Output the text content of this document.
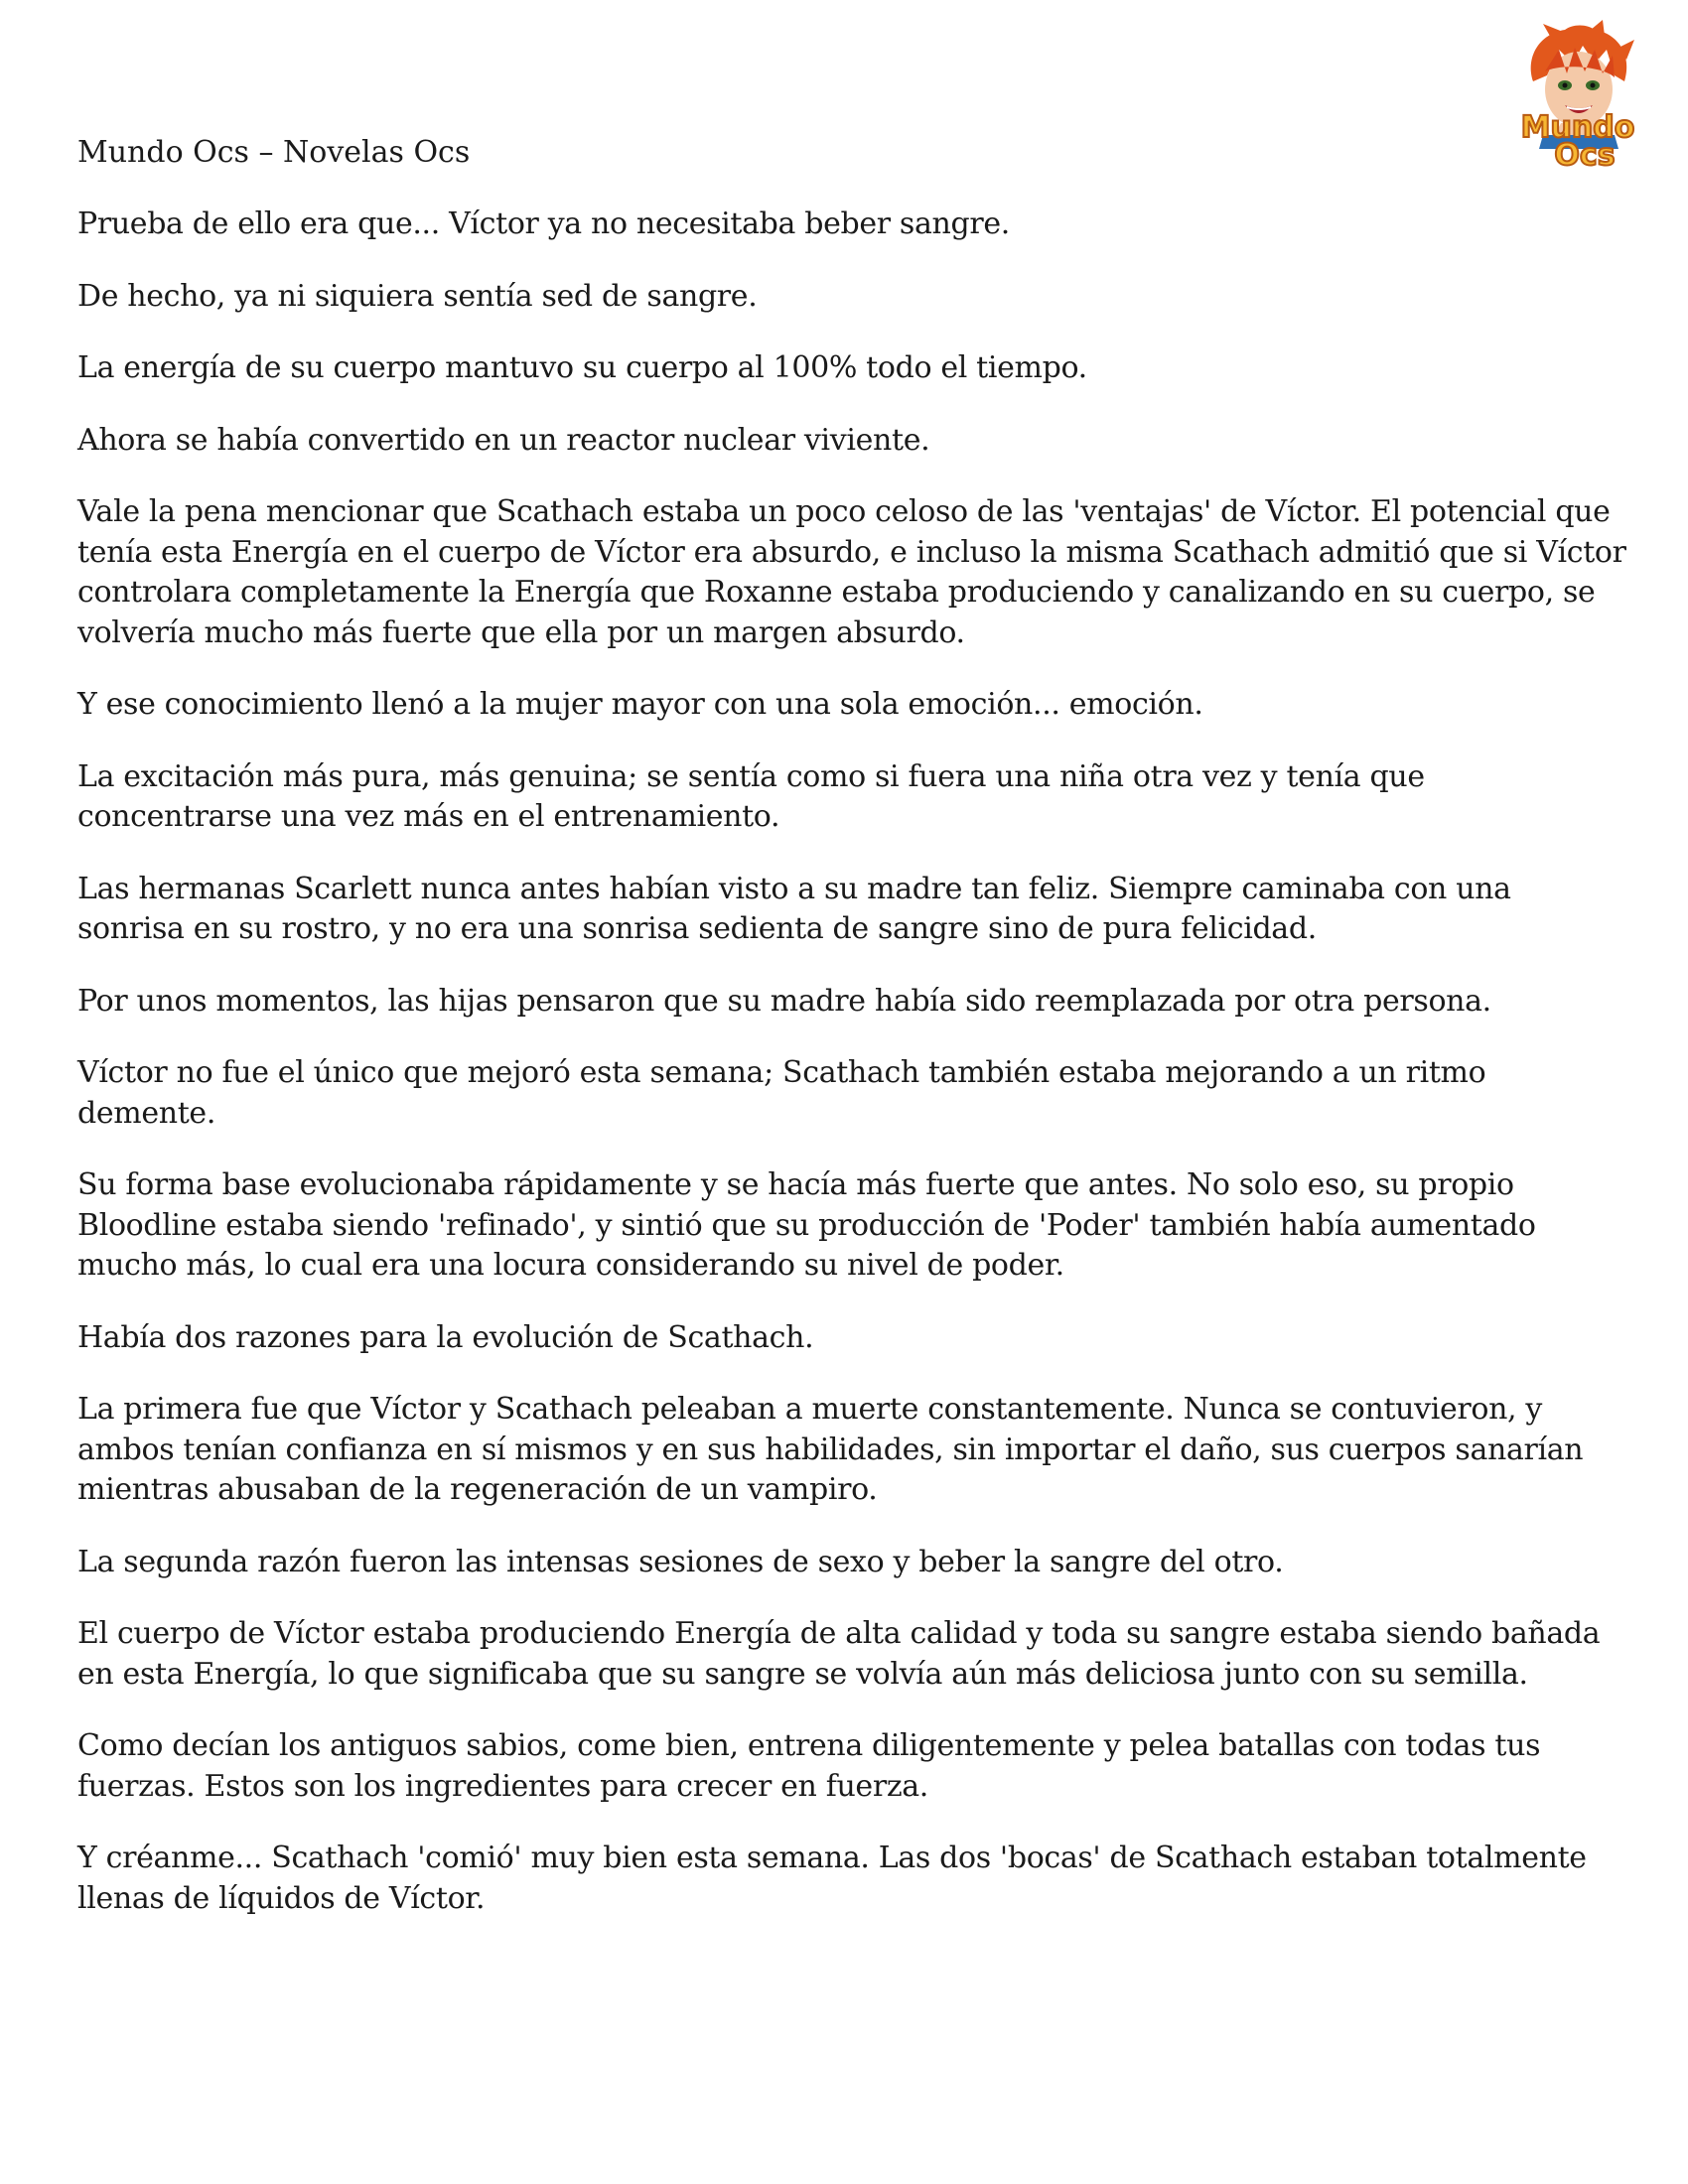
Mundo
Ocs
Mundo Ocs – Novelas Ocs

Prueba de ello era que... Víctor ya no necesitaba beber sangre.

De hecho, ya ni siquiera sentía sed de sangre.

La energía de su cuerpo mantuvo su cuerpo al 100% todo el tiempo.

Ahora se había convertido en un reactor nuclear viviente.

Vale la pena mencionar que Scathach estaba un poco celoso de las 'ventajas' de Víctor. El potencial que tenía esta Energía en el cuerpo de Víctor era absurdo, e incluso la misma Scathach admitió que si Víctor controlara completamente la Energía que Roxanne estaba produciendo y canalizando en su cuerpo, se volvería mucho más fuerte que ella por un margen absurdo.

Y ese conocimiento llenó a la mujer mayor con una sola emoción... emoción.

La excitación más pura, más genuina; se sentía como si fuera una niña otra vez y tenía que concentrarse una vez más en el entrenamiento.

Las hermanas Scarlett nunca antes habían visto a su madre tan feliz. Siempre caminaba con una sonrisa en su rostro, y no era una sonrisa sedienta de sangre sino de pura felicidad.

Por unos momentos, las hijas pensaron que su madre había sido reemplazada por otra persona.

Víctor no fue el único que mejoró esta semana; Scathach también estaba mejorando a un ritmo demente.

Su forma base evolucionaba rápidamente y se hacía más fuerte que antes. No solo eso, su propio Bloodline estaba siendo 'refinado', y sintió que su producción de 'Poder' también había aumentado mucho más, lo cual era una locura considerando su nivel de poder.

Había dos razones para la evolución de Scathach.

La primera fue que Víctor y Scathach peleaban a muerte constantemente. Nunca se contuvieron, y ambos tenían confianza en sí mismos y en sus habilidades, sin importar el daño, sus cuerpos sanarían mientras abusaban de la regeneración de un vampiro.

La segunda razón fueron las intensas sesiones de sexo y beber la sangre del otro.

El cuerpo de Víctor estaba produciendo Energía de alta calidad y toda su sangre estaba siendo bañada en esta Energía, lo que significaba que su sangre se volvía aún más deliciosa junto con su semilla.

Como decían los antiguos sabios, come bien, entrena diligentemente y pelea batallas con todas tus fuerzas. Estos son los ingredientes para crecer en fuerza.

Y créanme... Scathach 'comió' muy bien esta semana. Las dos 'bocas' de Scathach estaban totalmente llenas de líquidos de Víctor.
